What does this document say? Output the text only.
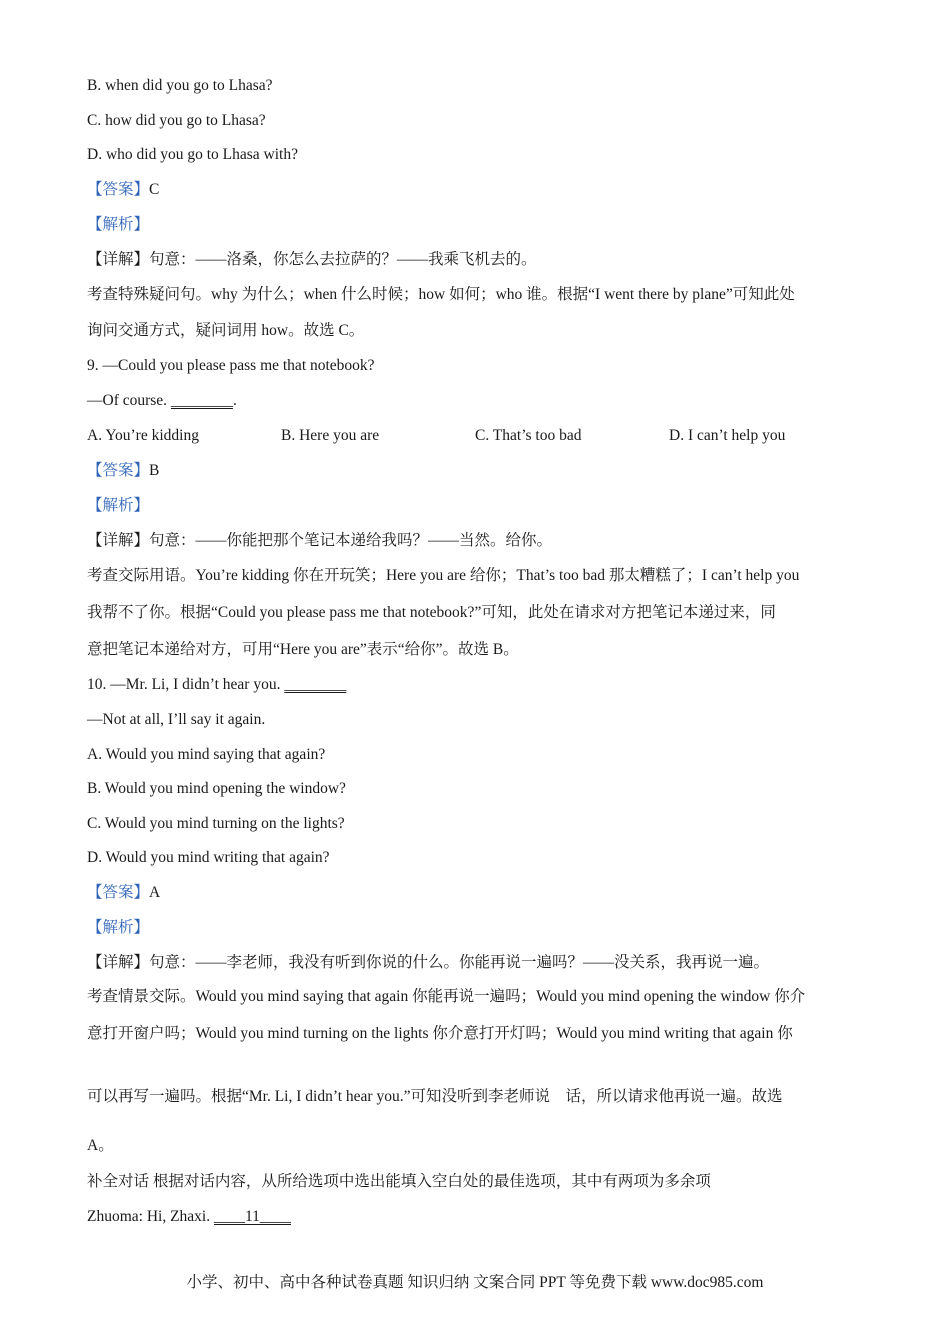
B. when did you go to Lhasa?
C. how did you go to Lhasa?
D. who did you go to Lhasa with?
【答案】C
【解析】
【详解】句意：——洛桑，你怎么去拉萨的？——我乘飞机去的。
考查特殊疑问句。why 为什么；when 什么时候；how 如何；who 谁。根据“I went there by plane”可知此处
询问交通方式，疑问词用 how。故选 C。
9. —Could you please pass me that notebook?
—Of course. ________.
A. You’re kidding	B. Here you are	C. That’s too bad	D. I can’t help you
【答案】B
【解析】
【详解】句意：——你能把那个笔记本递给我吗？——当然。给你。
考查交际用语。You’re kidding 你在开玩笑；Here you are 给你；That’s too bad 那太糟糕了；I can’t help you
我帮不了你。根据“Could you please pass me that notebook?”可知，此处在请求对方把笔记本递过来，同
意把笔记本递给对方，可用“Here you are”表示“给你”。故选 B。
10. —Mr. Li, I didn’t hear you. ________
—Not at all, I’ll say it again.
A. Would you mind saying that again?
B. Would you mind opening the window?
C. Would you mind turning on the lights?
D. Would you mind writing that again?
【答案】A
【解析】
【详解】句意：——李老师，我没有听到你说的什么。你能再说一遍吗？——没关系，我再说一遍。
考查情景交际。Would you mind saying that again 你能再说一遍吗；Would you mind opening the window 你介
意打开窗户吗；Would you mind turning on the lights 你介意打开灯吗；Would you mind writing that again 你
可以再写一遍吗。根据“Mr. Li, I didn’t hear you.”可知没听到李老师说　话，所以请求他再说一遍。故选
A。
补全对话 根据对话内容，从所给选项中选出能填入空白处的最佳选项，其中有两项为多余项
Zhuoma: Hi, Zhaxi. ____11____
小学、初中、高中各种试卷真题 知识归纳 文案合同 PPT 等免费下载 www.doc985.com
